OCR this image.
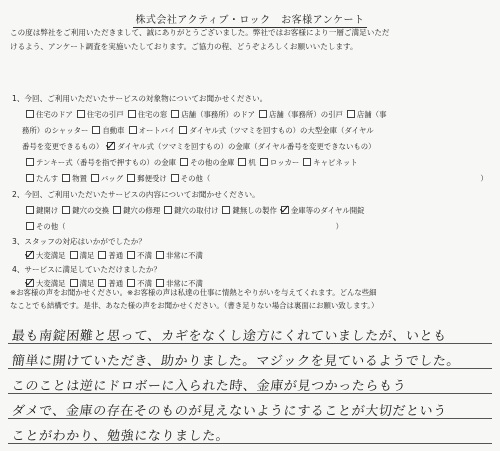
株式会社アクティブ・ロック　お客様アンケート
この度は弊社をご利用いただきまして、誠にありがとうございました。弊社ではお客様により一層ご満足いただ
けるよう、アンケート調査を実施いたしております。ご協力の程、どうぞよろしくお願いいたします。
1、今回、ご利用いただいたサービスの対象物についてお聞かせください。
住宅のドア 住宅の引戸 住宅の窓 店舗（事務所）のドア 店舗（事務所）の引戸 店舗（事
務所）のシャッター 自動車 オートバイ ダイヤル式（ツマミを回すもの）の大型金庫（ダイヤル
番号を変更できるもの） ダイヤル式（ツマミを回すもの）の金庫（ダイヤル番号を変更できないもの）
テンキー式（番号を指で押すもの）の金庫 その他の金庫 机 ロッカー キャビネット
たんす 物置 バッグ 郵便受け その他（	）
2、今回、ご利用いただいたサービスの内容についてお聞かせください。
鍵開け 鍵穴の交換 鍵穴の修理 鍵穴の取付け 鍵無しの製作 金庫等のダイヤル開錠
その他（	）
3、スタッフの対応はいかがでしたか？
大変満足 満足 普通 不満 非常に不満
4、サービスに満足していただけましたか？
大変満足 満足 普通 不満 非常に不満
※お客様の声をお聞かせください。※お客様の声は私達の仕事に情熱とやりがいを与えてくれます。どんな些細
なことでも結構です。是非、あなた様の声をお聞かせください。（書き足りない場合は裏面にお願い致します。）
最も南錠困難と思って、カギをなくし途方にくれていましたが、いとも
簡単に開けていただき、助かりました。マジックを見ているようでした。
このことは逆にドロボーに入られた時、金庫が見つかったらもう
ダメで、金庫の存在そのものが見えないようにすることが大切だという
ことがわかり、勉強になりました。
